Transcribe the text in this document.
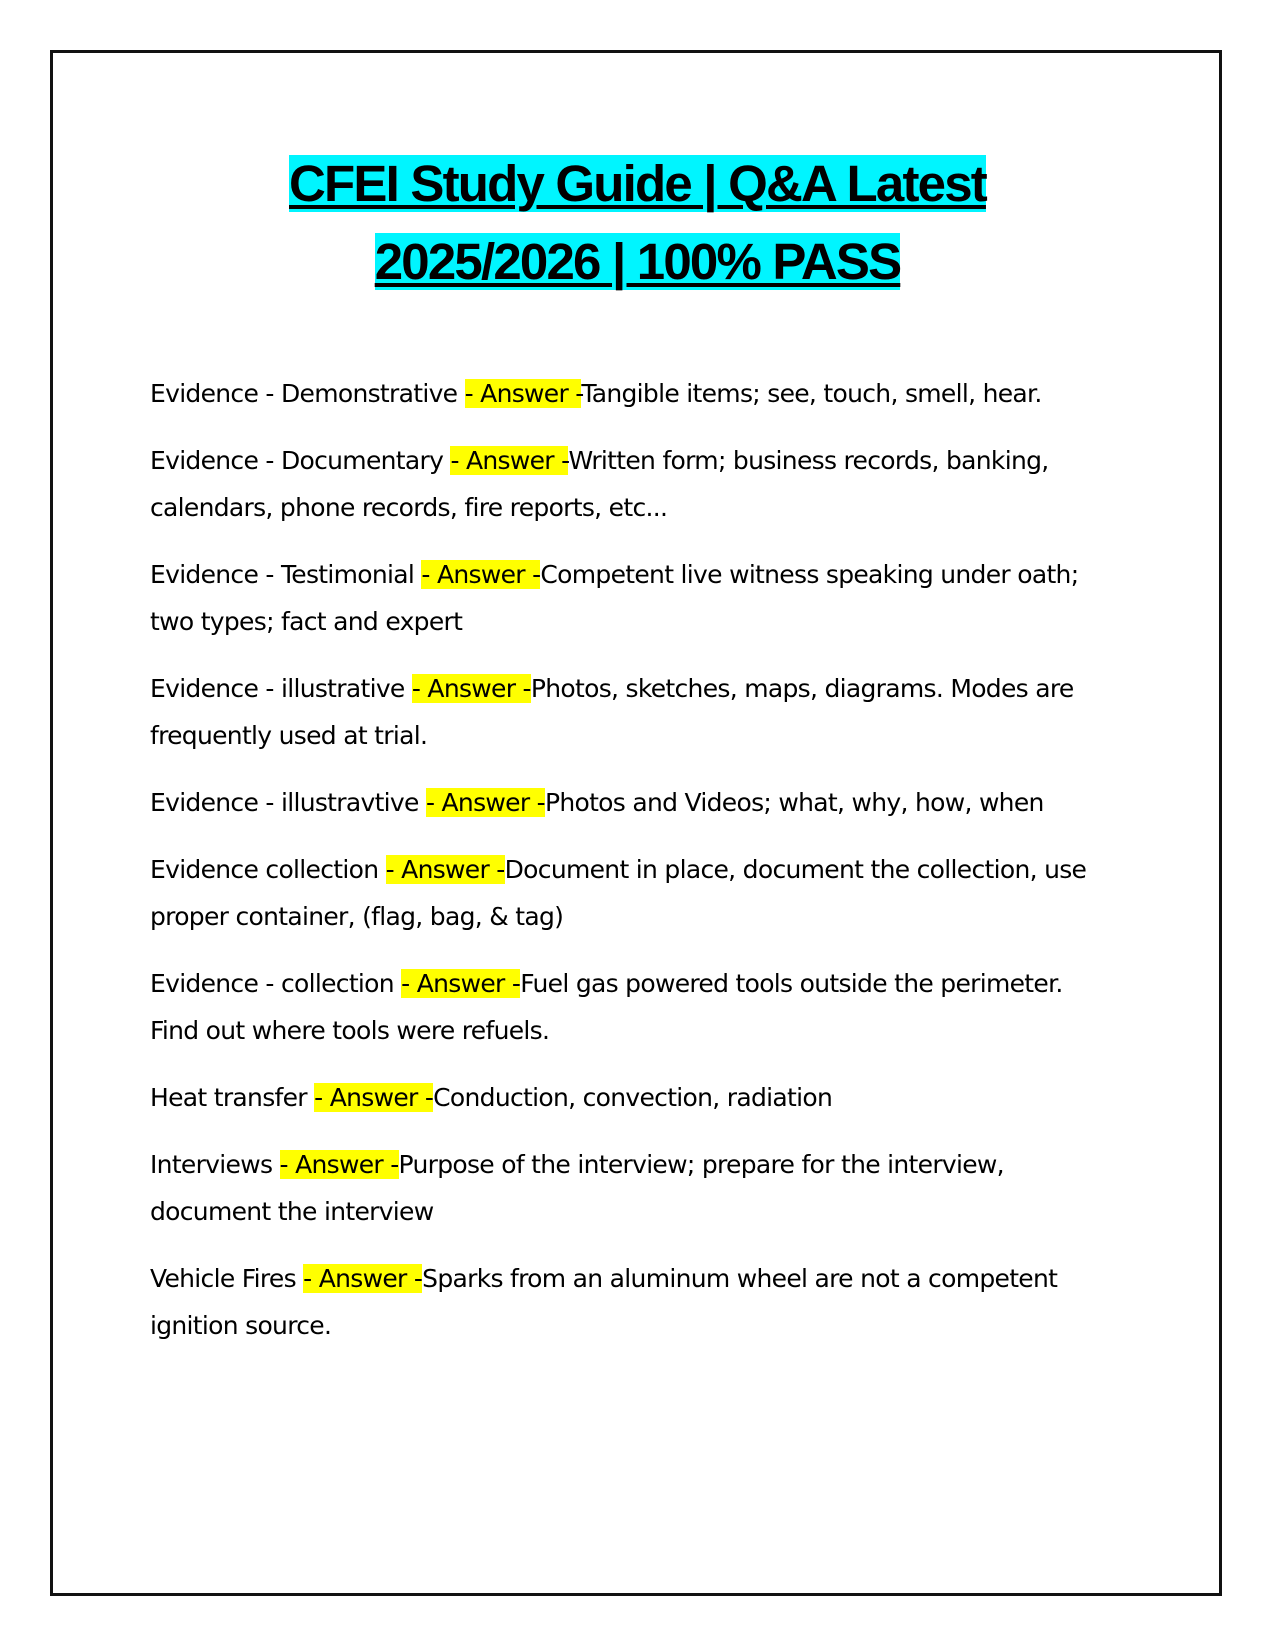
CFEI Study Guide | Q&A Latest
2025/2026 | 100% PASS
Evidence - Demonstrative - Answer -Tangible items; see, touch, smell, hear.
Evidence - Documentary - Answer -Written form; business records, banking, calendars, phone records, fire reports, etc...
Evidence - Testimonial - Answer -Competent live witness speaking under oath; two types; fact and expert
Evidence - illustrative - Answer -Photos, sketches, maps, diagrams. Modes are frequently used at trial.
Evidence - illustravtive - Answer -Photos and Videos; what, why, how, when
Evidence collection - Answer -Document in place, document the collection, use proper container, (flag, bag, & tag)
Evidence - collection - Answer -Fuel gas powered tools outside the perimeter. Find out where tools were refuels.
Heat transfer - Answer -Conduction, convection, radiation
Interviews - Answer -Purpose of the interview; prepare for the interview, document the interview
Vehicle Fires - Answer -Sparks from an aluminum wheel are not a competent ignition source.
